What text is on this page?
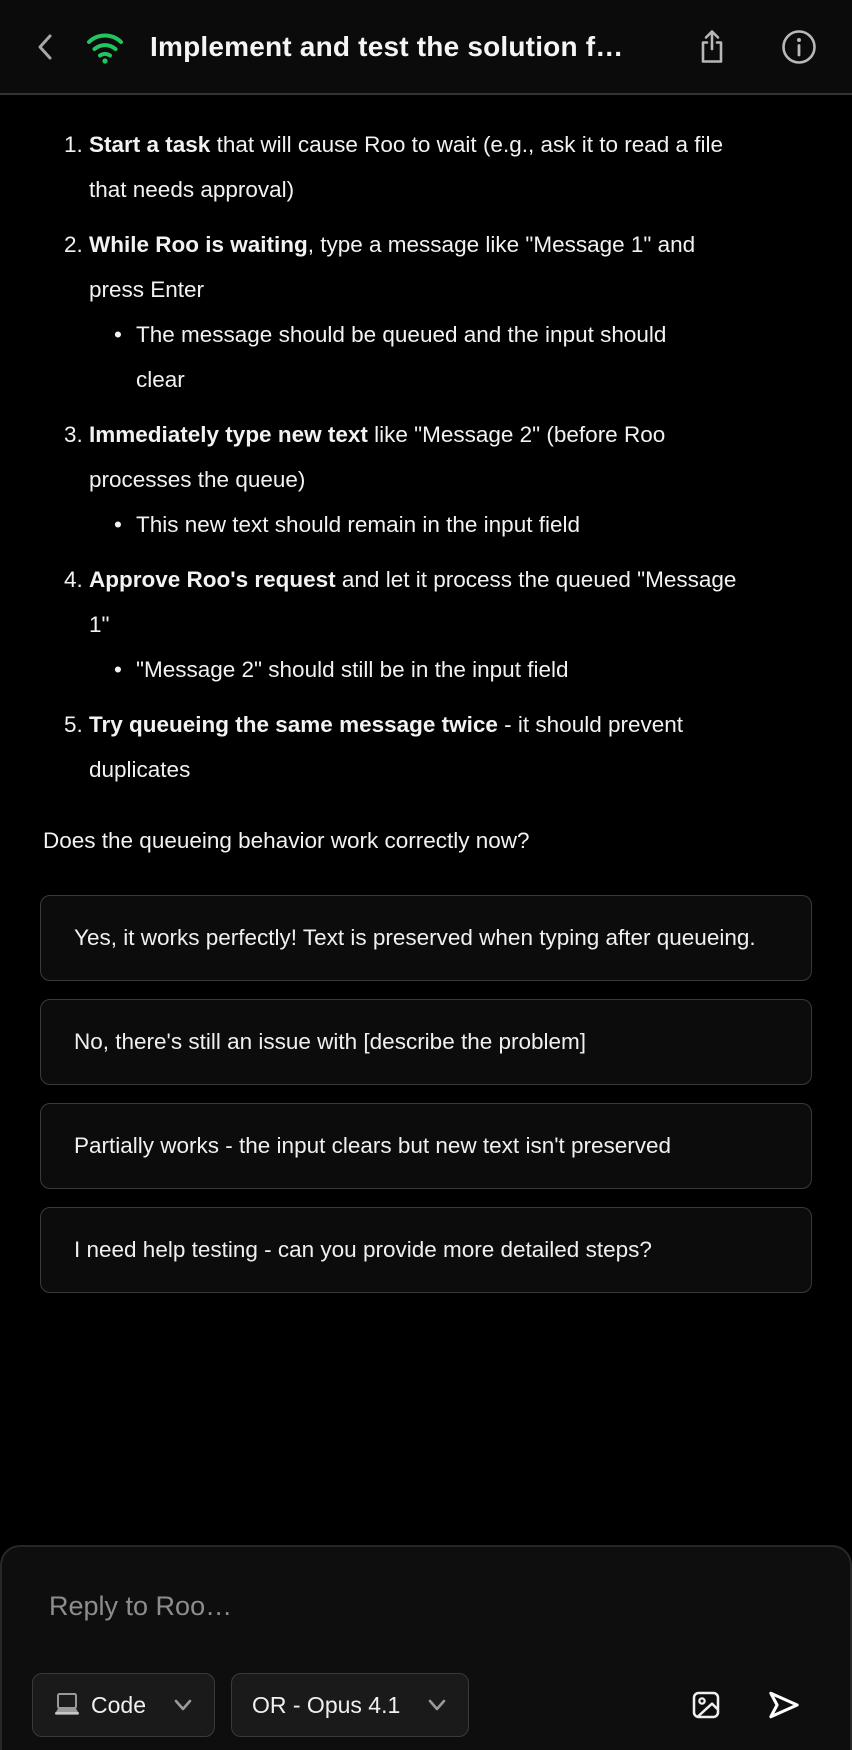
Implement and test the solution f…
1. Start a task that will cause Roo to wait (e.g., ask it to read a file that needs approval)
2. While Roo is waiting, type a message like "Message 1" and press Enter
• The message should be queued and the input should clear
3. Immediately type new text like "Message 2" (before Roo processes the queue)
• This new text should remain in the input field
4. Approve Roo's request and let it process the queued "Message 1"
• "Message 2" should still be in the input field
5. Try queueing the same message twice - it should prevent duplicates

Does the queueing behavior work correctly now?

Yes, it works perfectly! Text is preserved when typing after queueing.
No, there's still an issue with [describe the problem]
Partially works - the input clears but new text isn't preserved
I need help testing - can you provide more detailed steps?
Reply to Roo…
Code	OR - Opus 4.1
